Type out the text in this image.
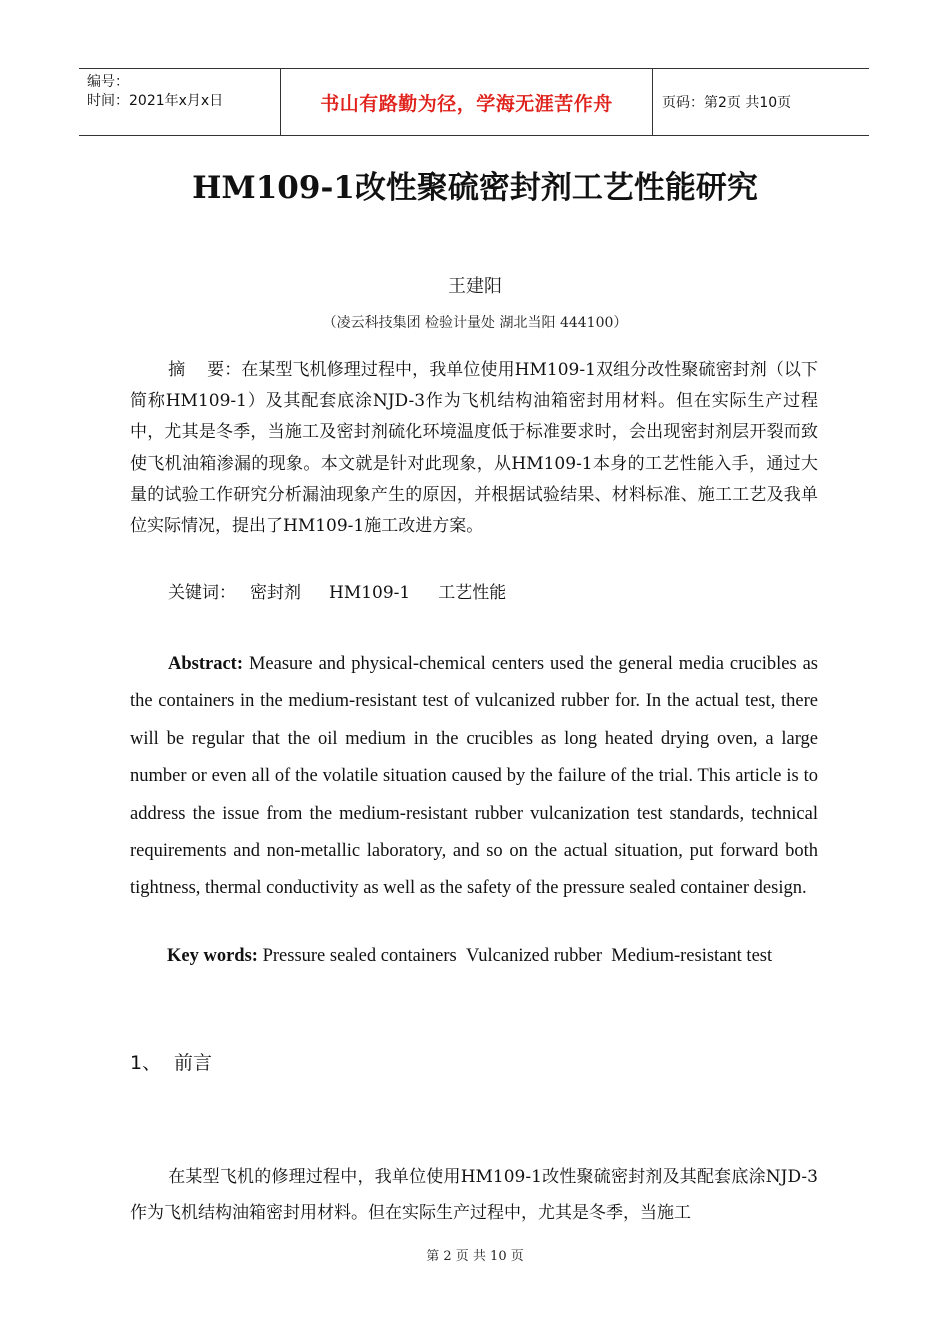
编号：
时间：2021年x月x日	书山有路勤为径，学海无涯苦作舟	页码：第2页 共10页
HM109-1改性聚硫密封剂工艺性能研究
王建阳
（凌云科技集团 检验计量处 湖北当阳 444100）

摘    要：在某型飞机修理过程中，我单位使用HM109-1双组分改性聚硫密封剂（以下简称HM109-1）及其配套底涂NJD-3作为飞机结构油箱密封用材料。但在实际生产过程中，尤其是冬季，当施工及密封剂硫化环境温度低于标准要求时，会出现密封剂层开裂而致使飞机油箱渗漏的现象。本文就是针对此现象，从HM109-1本身的工艺性能入手，通过大量的试验工作研究分析漏油现象产生的原因，并根据试验结果、材料标准、施工工艺及我单位实际情况，提出了HM109-1施工改进方案。

关键词： 密封剂 HM109-1 工艺性能

Abstract: Measure and physical-chemical centers used the general media crucibles as the containers in the medium-resistant test of vulcanized rubber for. In the actual test, there will be regular that the oil medium in the crucibles as long heated drying oven, a large number or even all of the volatile situation caused by the failure of the trial. This article is to address the issue from the medium-resistant rubber vulcanization test standards, technical requirements and non-metallic laboratory, and so on the actual situation, put forward both tightness, thermal conductivity as well as the safety of the pressure sealed container design.

Key words: Pressure sealed containers Vulcanized rubber Medium-resistant test
1、 前言

在某型飞机的修理过程中，我单位使用HM109-1改性聚硫密封剂及其配套底涂NJD-3作为飞机结构油箱密封用材料。但在实际生产过程中，尤其是冬季，当施工

第 2 页 共 10 页
